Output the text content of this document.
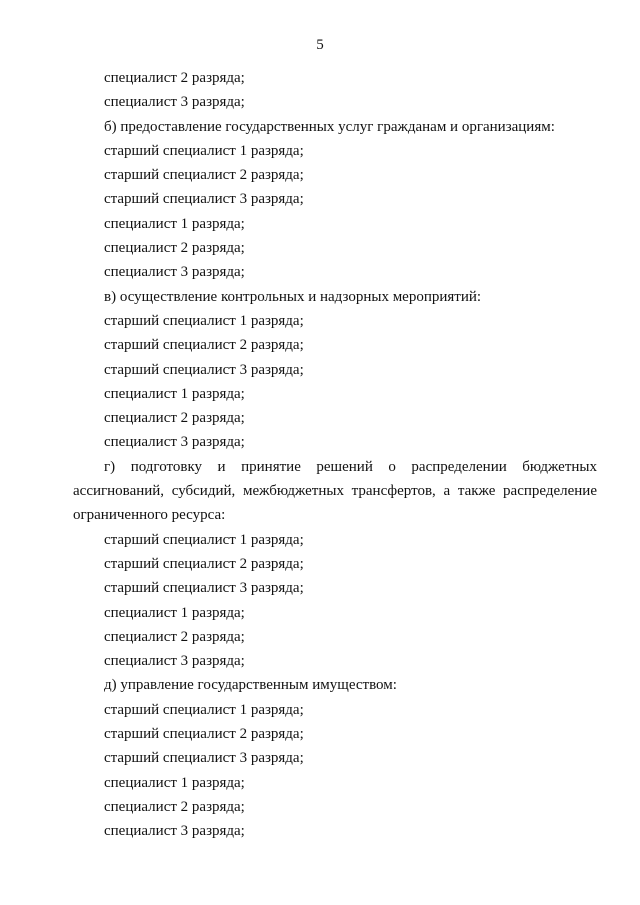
5
специалист 2 разряда;
специалист 3 разряда;
б) предоставление государственных услуг гражданам и организациям:
старший специалист 1 разряда;
старший специалист 2 разряда;
старший специалист 3 разряда;
специалист 1 разряда;
специалист 2 разряда;
специалист 3 разряда;
в) осуществление контрольных и надзорных мероприятий:
старший специалист 1 разряда;
старший специалист 2 разряда;
старший специалист 3 разряда;
специалист 1 разряда;
специалист 2 разряда;
специалист 3 разряда;
г) подготовку и принятие решений о распределении бюджетных ассигнований, субсидий, межбюджетных трансфертов, а также распределение ограниченного ресурса:
старший специалист 1 разряда;
старший специалист 2 разряда;
старший специалист 3 разряда;
специалист 1 разряда;
специалист 2 разряда;
специалист 3 разряда;
д) управление государственным имуществом:
старший специалист 1 разряда;
старший специалист 2 разряда;
старший специалист 3 разряда;
специалист 1 разряда;
специалист 2 разряда;
специалист 3 разряда;
